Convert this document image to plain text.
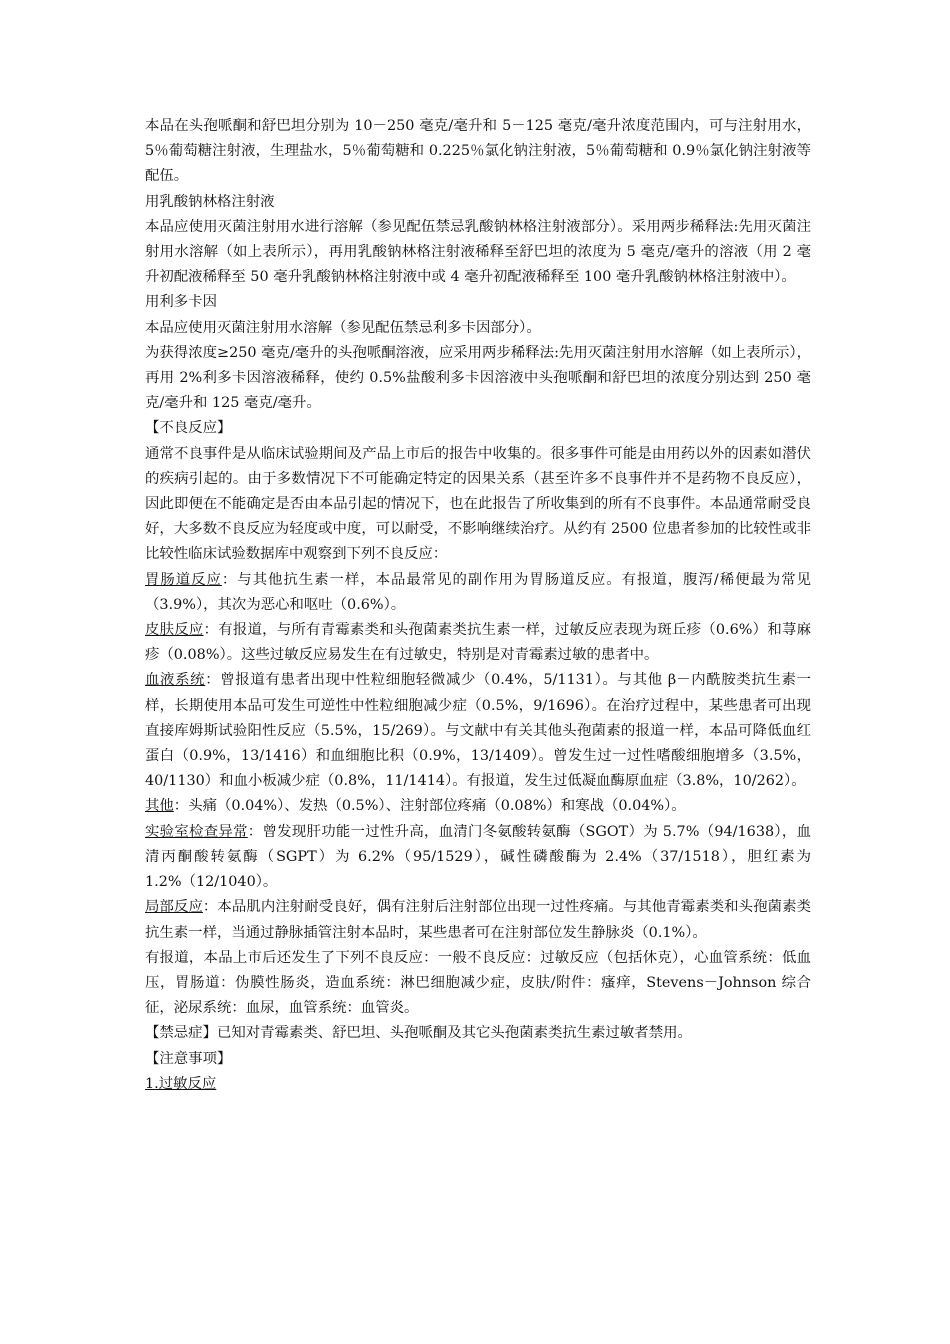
本品在头孢哌酮和舒巴坦分别为 10－250 毫克/毫升和 5－125 毫克/毫升浓度范围内，可与注射用水，5％葡萄糖注射液，生理盐水，5％葡萄糖和 0.225％氯化钠注射液，5％葡萄糖和 0.9％氯化钠注射液等配伍。

用乳酸钠林格注射液

本品应使用灭菌注射用水进行溶解（参见配伍禁忌乳酸钠林格注射液部分）。采用两步稀释法:先用灭菌注射用水溶解（如上表所示），再用乳酸钠林格注射液稀释至舒巴坦的浓度为 5 毫克/毫升的溶液（用 2 毫升初配液稀释至 50 毫升乳酸钠林格注射液中或 4 毫升初配液稀释至 100 毫升乳酸钠林格注射液中）。

用利多卡因

本品应使用灭菌注射用水溶解（参见配伍禁忌利多卡因部分）。

为获得浓度≥250 毫克/毫升的头孢哌酮溶液，应采用两步稀释法:先用灭菌注射用水溶解（如上表所示），再用 2%利多卡因溶液稀释，使约 0.5%盐酸利多卡因溶液中头孢哌酮和舒巴坦的浓度分别达到 250 毫克/毫升和 125 毫克/毫升。

【不良反应】

通常不良事件是从临床试验期间及产品上市后的报告中收集的。很多事件可能是由用药以外的因素如潜伏的疾病引起的。由于多数情况下不可能确定特定的因果关系（甚至许多不良事件并不是药物不良反应），因此即便在不能确定是否由本品引起的情况下，也在此报告了所收集到的所有不良事件。本品通常耐受良好，大多数不良反应为轻度或中度，可以耐受，不影响继续治疗。从约有 2500 位患者参加的比较性或非比较性临床试验数据库中观察到下列不良反应：

胃肠道反应：与其他抗生素一样，本品最常见的副作用为胃肠道反应。有报道，腹泻/稀便最为常见（3.9%），其次为恶心和呕吐（0.6%）。

皮肤反应：有报道，与所有青霉素类和头孢菌素类抗生素一样，过敏反应表现为斑丘疹（0.6%）和荨麻疹（0.08%）。这些过敏反应易发生在有过敏史，特别是对青霉素过敏的患者中。

血液系统：曾报道有患者出现中性粒细胞轻微减少（0.4%，5/1131）。与其他 β－内酰胺类抗生素一样，长期使用本品可发生可逆性中性粒细胞减少症（0.5%，9/1696）。在治疗过程中，某些患者可出现直接库姆斯试验阳性反应（5.5%，15/269）。与文献中有关其他头孢菌素的报道一样，本品可降低血红蛋白（0.9%，13/1416）和血细胞比积（0.9%，13/1409）。曾发生过一过性嗜酸细胞增多（3.5%，40/1130）和血小板减少症（0.8%，11/1414）。有报道，发生过低凝血酶原血症（3.8%，10/262）。

其他：头痛（0.04%）、发热（0.5%）、注射部位疼痛（0.08%）和寒战（0.04%）。

实验室检查异常：曾发现肝功能一过性升高，血清门冬氨酸转氨酶（SGOT）为 5.7%（94/1638），血清丙酮酸转氨酶（SGPT）为 6.2%（95/1529），碱性磷酸酶为 2.4%（37/1518），胆红素为 1.2%（12/1040）。

局部反应：本品肌内注射耐受良好，偶有注射后注射部位出现一过性疼痛。与其他青霉素类和头孢菌素类抗生素一样，当通过静脉插管注射本品时，某些患者可在注射部位发生静脉炎（0.1%）。

有报道，本品上市后还发生了下列不良反应：一般不良反应：过敏反应（包括休克），心血管系统：低血压，胃肠道：伪膜性肠炎，造血系统：淋巴细胞减少症，皮肤/附件：瘙痒，Stevens－Johnson 综合征，泌尿系统：血尿，血管系统：血管炎。

【禁忌症】已知对青霉素类、舒巴坦、头孢哌酮及其它头孢菌素类抗生素过敏者禁用。

【注意事项】

1.过敏反应
